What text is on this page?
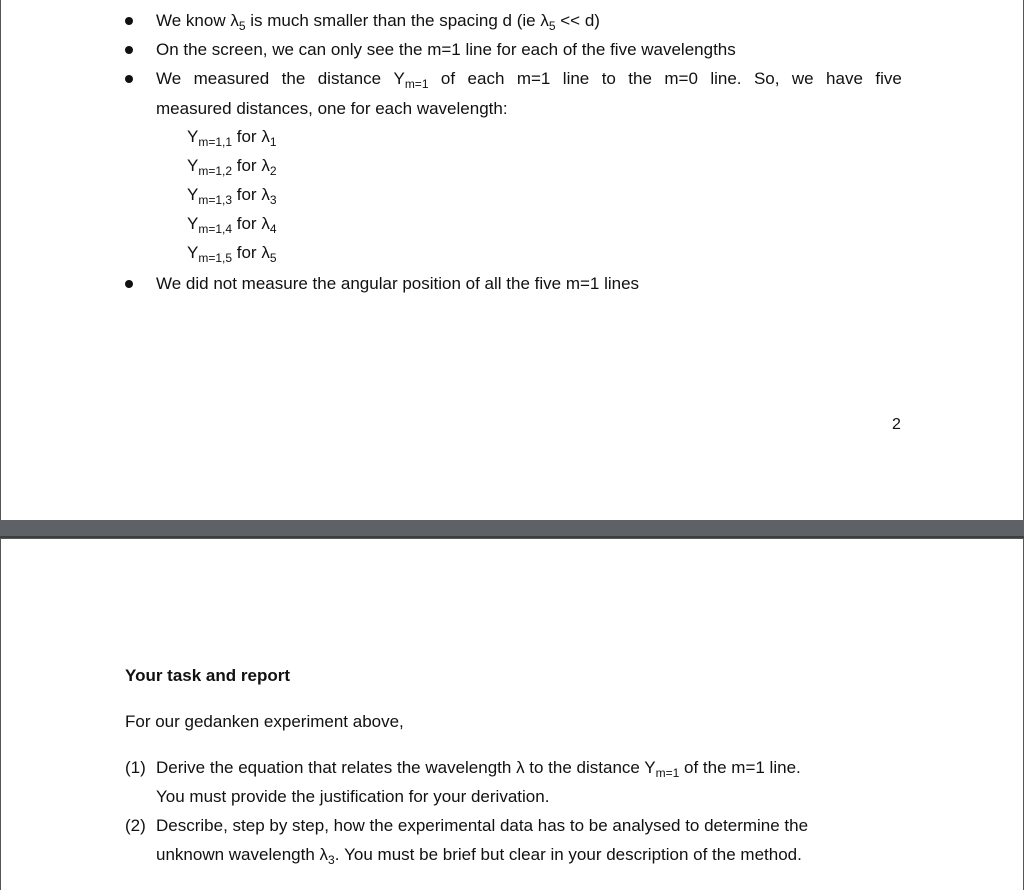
We know $\lambda_5$ is much smaller than the spacing d (ie $\lambda_5 << d$)
On the screen, we can only see the m=1 line for each of the five wavelengths
We measured the distance $Y_{m=1}$ of each m=1 line to the m=0 line. So, we have five
measured distances, one for each wavelength:
$Y_{m=1,1}$ for $\lambda_1$
$Y_{m=1,2}$ for $\lambda_2$
$Y_{m=1,3}$ for $\lambda_3$
$Y_{m=1,4}$ for $\lambda_4$
$Y_{m=1,5}$ for $\lambda_5$
We did not measure the angular position of all the five m=1 lines
2
Your task and report
For our gedanken experiment above,
(1) Derive the equation that relates the wavelength λ to the distance $Y_{m=1}$ of the m=1 line.
You must provide the justification for your derivation.
(2) Describe, step by step, how the experimental data has to be analysed to determine the
unknown wavelength $\lambda_3$. You must be brief but clear in your description of the method.
